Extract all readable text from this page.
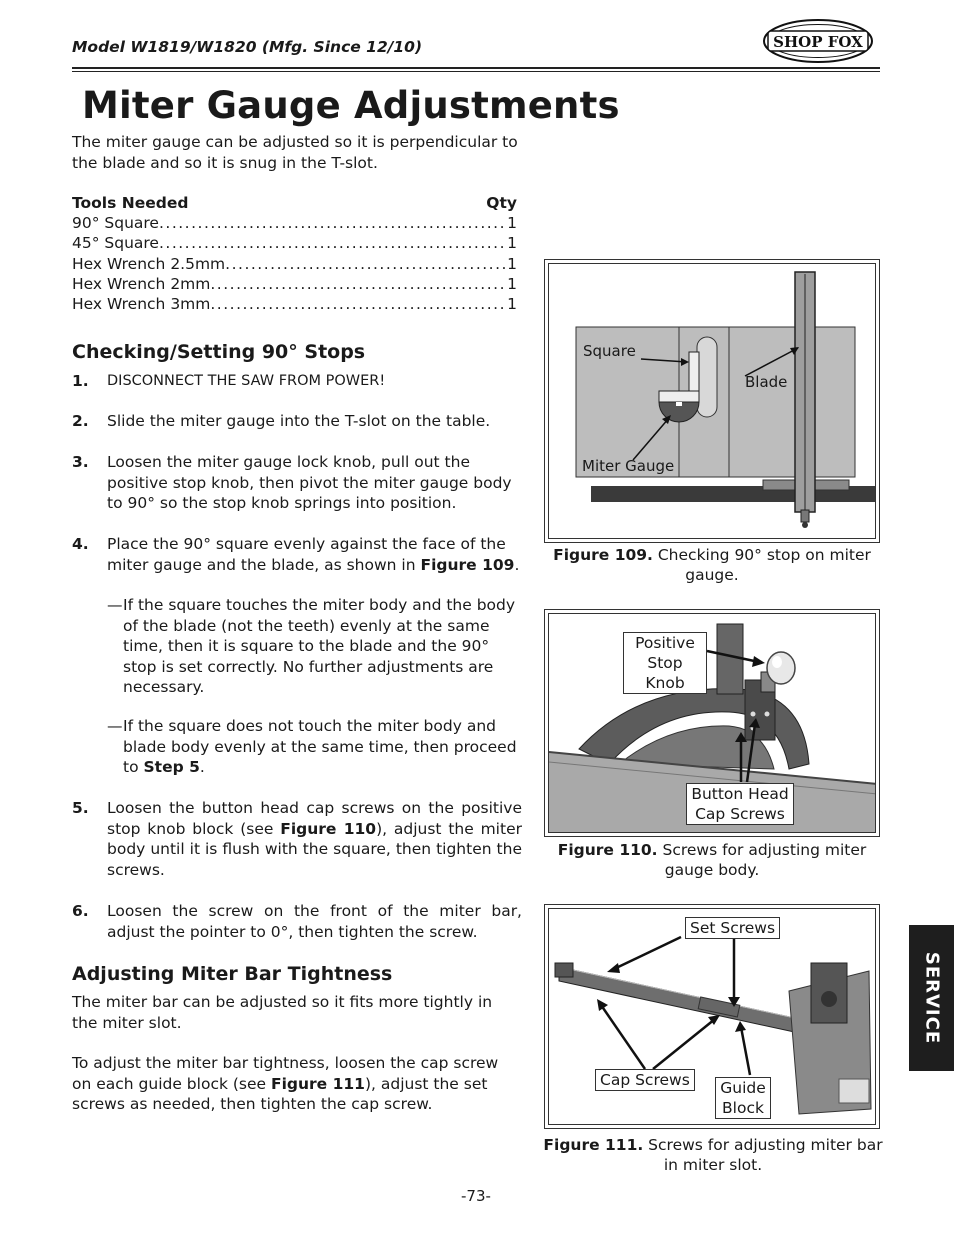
Model W1819/W1820 (Mfg. Since 12/10)	SHOP FOX
Miter Gauge Adjustments
The miter gauge can be adjusted so it is perpendicular to the blade and so it is snug in the T-slot.
Tools Needed	Qty
90° Square .....	1
45° Square .....	1
Hex Wrench 2.5mm .....	1
Hex Wrench 2mm .....	1
Hex Wrench 3mm .....	1
Checking/Setting 90° Stops
1. DISCONNECT THE SAW FROM POWER!
2. Slide the miter gauge into the T-slot on the table.
3. Loosen the miter gauge lock knob, pull out the positive stop knob, then pivot the miter gauge body to 90° so the stop knob springs into position.
4. Place the 90° square evenly against the face of the miter gauge and the blade, as shown in Figure 109.
— If the square touches the miter body and the body of the blade (not the teeth) evenly at the same time, then it is square to the blade and the 90° stop is set correctly. No further adjustments are necessary.
— If the square does not touch the miter body and blade body evenly at the same time, then proceed to Step 5.
5. Loosen the button head cap screws on the positive stop knob block (see Figure 110), adjust the miter body until it is flush with the square, then tighten the screws.
6. Loosen the screw on the front of the miter bar, adjust the pointer to 0°, then tighten the screw.
Adjusting Miter Bar Tightness
The miter bar can be adjusted so it fits more tightly in the miter slot.
To adjust the miter bar tightness, loosen the cap screw on each guide block (see Figure 111), adjust the set screws as needed, then tighten the cap screw.
Square
Blade
Miter Gauge
Figure 109. Checking 90° stop on miter gauge.
Positive Stop Knob
Button Head Cap Screws
Figure 110. Screws for adjusting miter gauge body.
Set Screws
Cap Screws	Guide Block
Figure 111. Screws for adjusting miter bar in miter slot.
SERVICE
-73-
